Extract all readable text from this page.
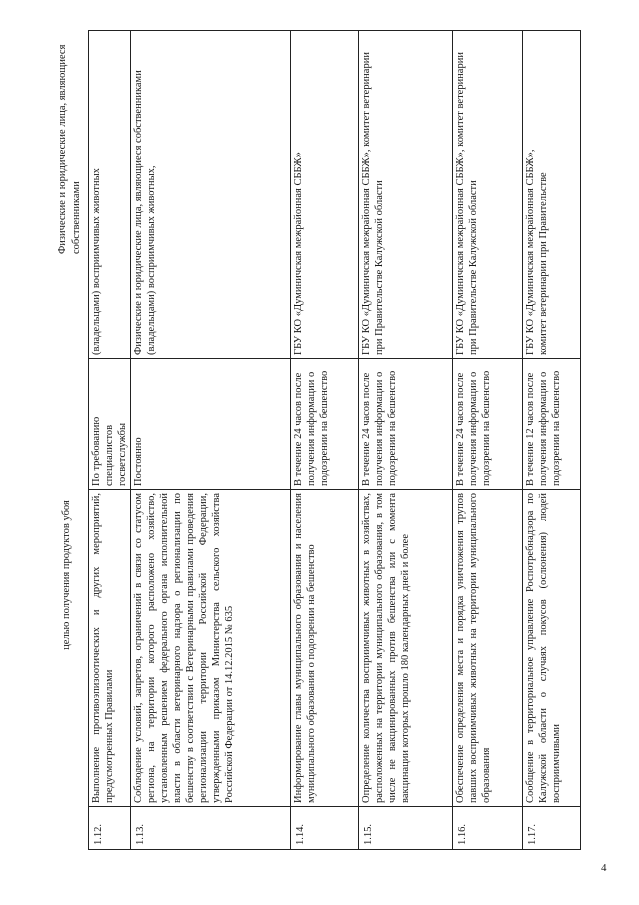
4
целью получения продуктов убоя
Физические и юридические лица, являющиеся собственниками
1.12.	Выполнение противоэпизоотических и других мероприятий, предусмотренных Правилами	По требованию специалистов госветслужбы	(владельцами) восприимчивых животных
1.13.	Соблюдение условий, запретов, ограничений в связи со статусом региона, на территории которого расположено хозяйство, установленным решением федерального органа исполнительной власти в области ветеринарного надзора о регионализации по бешенству в соответствии с Ветеринарными правилами проведения регионализации территории Российской Федерации, утвержденными приказом Министерства сельского хозяйства Российской Федерации от 14.12.2015 № 635	Постоянно	Физические и юридические лица, являющиеся собственниками (владельцами) восприимчивых животных,
1.14.	Информирование главы муниципального образования и населения муниципального образования о подозрении на бешенство	В течение 24 часов после получения информации о подозрении на бешенство	ГБУ КО «Думиничская межрайонная СББЖ»
1.15.	Определение количества восприимчивых животных в хозяйствах, расположенных на территории муниципального образования, в том числе не вакцинированных против бешенства или с момента вакцинации которых прошло 180 календарных дней и более	В течение 24 часов после получения информации о подозрении на бешенство	ГБУ КО «Думиничская межрайонная СББЖ», комитет ветеринарии при Правительстве Калужской области
1.16.	Обеспечение определения места и порядка уничтожения трупов павших восприимчивых животных на территории муниципального образования	В течение 24 часов после получения информации о подозрении на бешенство	ГБУ КО «Думиничская межрайонная СББЖ», комитет ветеринарии при Правительстве Калужской области
1.17.	Сообщение в территориальное управление Роспотребнадзора по Калужской области о случаях покусов (ослюнения) людей восприимчивыми	В течение 12 часов после получения информации о подозрении на бешенство	ГБУ КО «Думиничская межрайонная СББЖ», комитет ветеринарии при Правительстве
